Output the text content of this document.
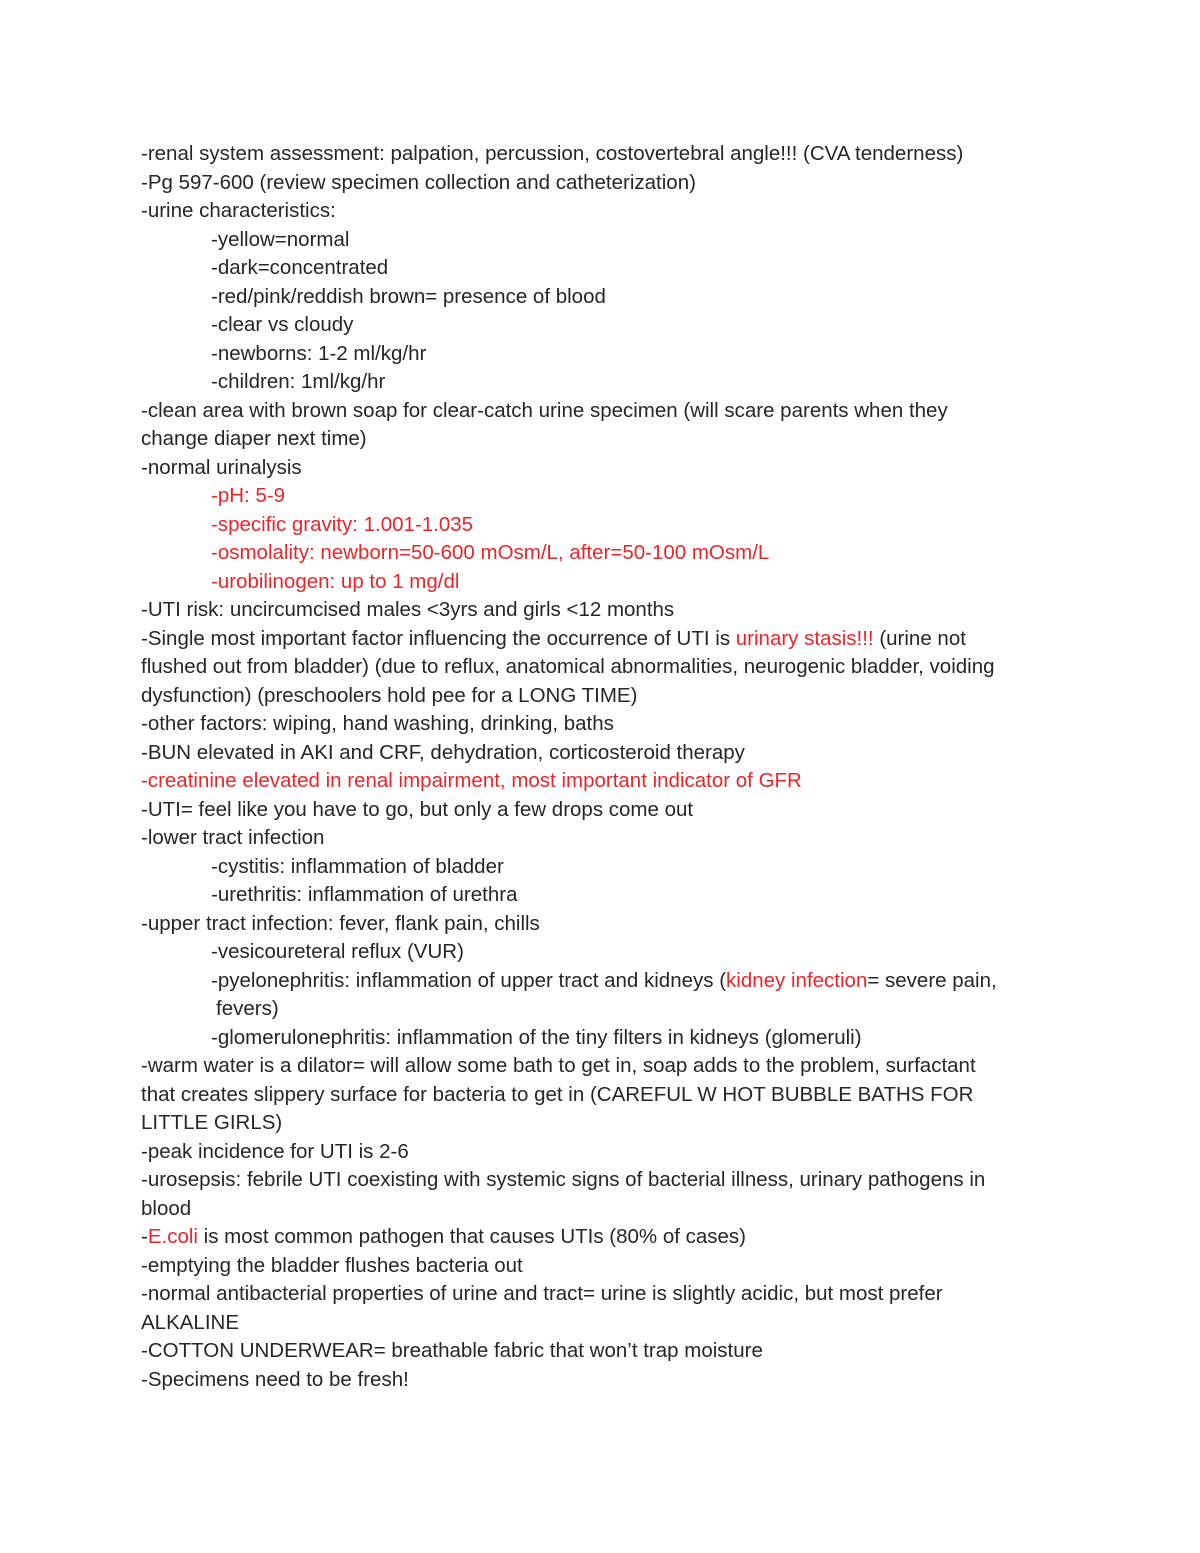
-renal system assessment: palpation, percussion, costovertebral angle!!! (CVA tenderness)
-Pg 597-600 (review specimen collection and catheterization)
-urine characteristics:
-yellow=normal
-dark=concentrated
-red/pink/reddish brown= presence of blood
-clear vs cloudy
-newborns: 1-2 ml/kg/hr
-children: 1ml/kg/hr
-clean area with brown soap for clear-catch urine specimen (will scare parents when they
change diaper next time)
-normal urinalysis
-pH: 5-9
-specific gravity: 1.001-1.035
-osmolality: newborn=50-600 mOsm/L, after=50-100 mOsm/L
-urobilinogen: up to 1 mg/dl
-UTI risk: uncircumcised males <3yrs and girls <12 months
-Single most important factor influencing the occurrence of UTI is urinary stasis!!! (urine not
flushed out from bladder) (due to reflux, anatomical abnormalities, neurogenic bladder, voiding
dysfunction) (preschoolers hold pee for a LONG TIME)
-other factors: wiping, hand washing, drinking, baths
-BUN elevated in AKI and CRF, dehydration, corticosteroid therapy
-creatinine elevated in renal impairment, most important indicator of GFR
-UTI= feel like you have to go, but only a few drops come out
-lower tract infection
-cystitis: inflammation of bladder
-urethritis: inflammation of urethra
-upper tract infection: fever, flank pain, chills
-vesicoureteral reflux (VUR)
-pyelonephritis: inflammation of upper tract and kidneys (kidney infection= severe pain,
fevers)
-glomerulonephritis: inflammation of the tiny filters in kidneys (glomeruli)
-warm water is a dilator= will allow some bath to get in, soap adds to the problem, surfactant
that creates slippery surface for bacteria to get in (CAREFUL W HOT BUBBLE BATHS FOR
LITTLE GIRLS)
-peak incidence for UTI is 2-6
-urosepsis: febrile UTI coexisting with systemic signs of bacterial illness, urinary pathogens in
blood
-E.coli is most common pathogen that causes UTIs (80% of cases)
-emptying the bladder flushes bacteria out
-normal antibacterial properties of urine and tract= urine is slightly acidic, but most prefer
ALKALINE
-COTTON UNDERWEAR= breathable fabric that won’t trap moisture
-Specimens need to be fresh!
